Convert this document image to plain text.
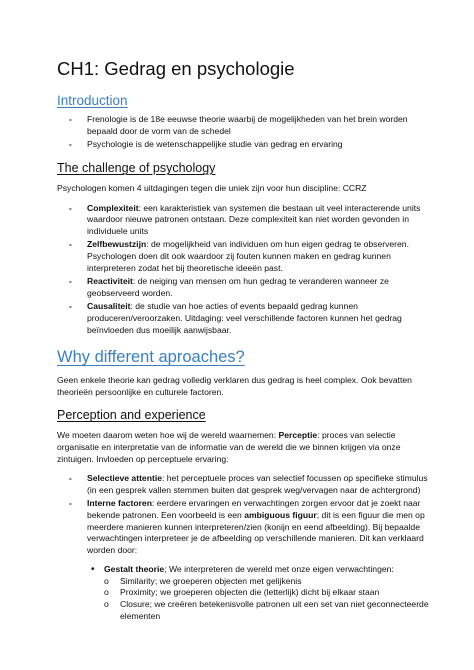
CH1: Gedrag en psychologie
Introduction
- Frenologie is de 18e eeuwse theorie waarbij de mogelijkheden van het brein worden bepaald door de vorm van de schedel
- Psychologie is de wetenschappelijke studie van gedrag en ervaring
The challenge of psychology

Psychologen komen 4 uitdagingen tegen die uniek zijn voor hun discipline: CCRZ

- Complexiteit: een karakteristiek van systemen die bestaan uit veel interacterende units waardoor nieuwe patronen ontstaan. Deze complexiteit kan niet worden gevonden in individuele units
- Zelfbewustzijn: de mogelijkheid van individuen om hun eigen gedrag te observeren. Psychologen doen dit ook waardoor zij fouten kunnen maken en gedrag kunnen interpreteren zodat het bij theoretische ideeën past.
- Reactiviteit: de neiging van mensen om hun gedrag te veranderen wanneer ze geobserveerd worden.
- Causaliteit: de studie van hoe acties of events bepaald gedrag kunnen produceren/veroorzaken. Uitdaging: veel verschillende factoren kunnen het gedrag beïnvloeden dus moeilijk aanwijsbaar.
Why different aproaches?

Geen enkele theorie kan gedrag volledig verklaren dus gedrag is heel complex. Ook bevatten theorieën persoonlijke en culturele factoren.

Perception and experience

We moeten daarom weten hoe wij de wereld waarnemen: Perceptie: proces van selectie organisatie en interpretatie van de informatie van de wereld die we binnen krijgen via onze zintuigen. Invloeden op perceptuele ervaring:

- Selectieve attentie: het perceptuele proces van selectief focussen op specifieke stimulus (in een gesprek vallen stemmen buiten dat gesprek weg/vervagen naar de achtergrond)
- Interne factoren: eerdere ervaringen en verwachtingen zorgen ervoor dat je zoekt naar bekende patronen. Een voorbeeld is een ambiguous figuur; dit is een figuur die men op meerdere manieren kunnen interpreteren/zien (konijn en eend afbeelding). Bij bepaalde verwachtingen interpreteer je de afbeelding op verschillende manieren. Dit kan verklaard worden door:
• Gestalt theorie; We interpreteren de wereld met onze eigen verwachtingen:
o Similarity; we groeperen objecten met gelijkenis
o Proximity; we groeperen objecten die (letterlijk) dicht bij elkaar staan
o Closure; we creëren betekenisvolle patronen uit een set van niet geconnecteerde elementen
